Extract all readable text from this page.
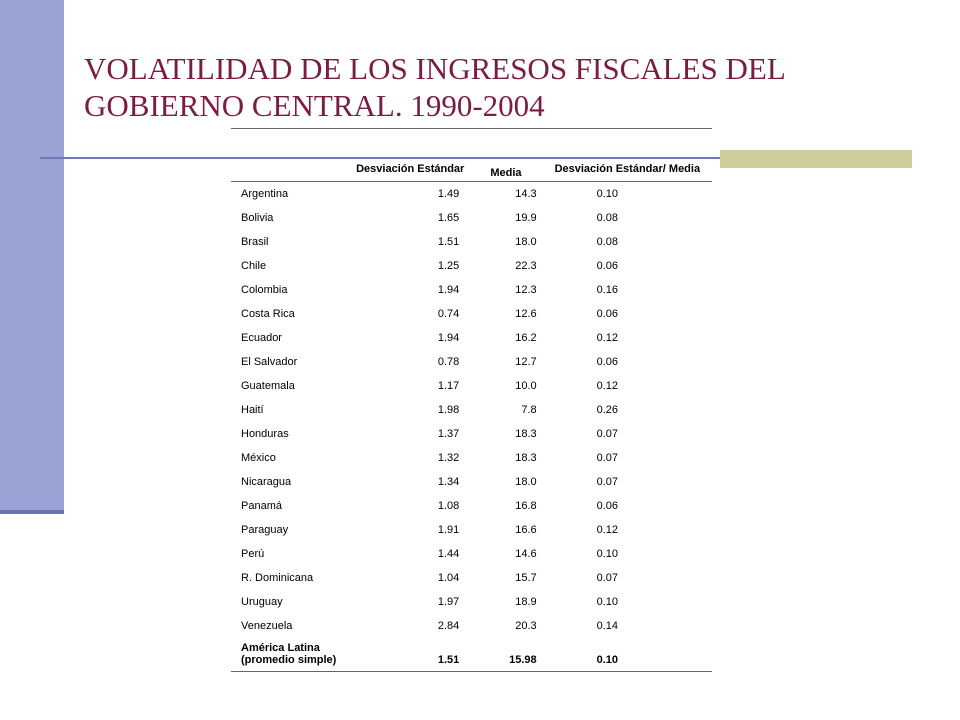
VOLATILIDAD DE LOS INGRESOS FISCALES DEL
GOBIERNO CENTRAL. 1990-2004
	Desviación Estándar	Media	Desviación Estándar/ Media
Argentina	1.49	14.3	0.10
Bolivia	1.65	19.9	0.08
Brasil	1.51	18.0	0.08
Chile	1.25	22.3	0.06
Colombia	1.94	12.3	0.16
Costa Rica	0.74	12.6	0.06
Ecuador	1.94	16.2	0.12
El Salvador	0.78	12.7	0.06
Guatemala	1.17	10.0	0.12
Haití	1.98	7.8	0.26
Honduras	1.37	18.3	0.07
México	1.32	18.3	0.07
Nicaragua	1.34	18.0	0.07
Panamá	1.08	16.8	0.06
Paraguay	1.91	16.6	0.12
Perú	1.44	14.6	0.10
R. Dominicana	1.04	15.7	0.07
Uruguay	1.97	18.9	0.10
Venezuela	2.84	20.3	0.14
América Latina (promedio simple)	1.51	15.98	0.10
